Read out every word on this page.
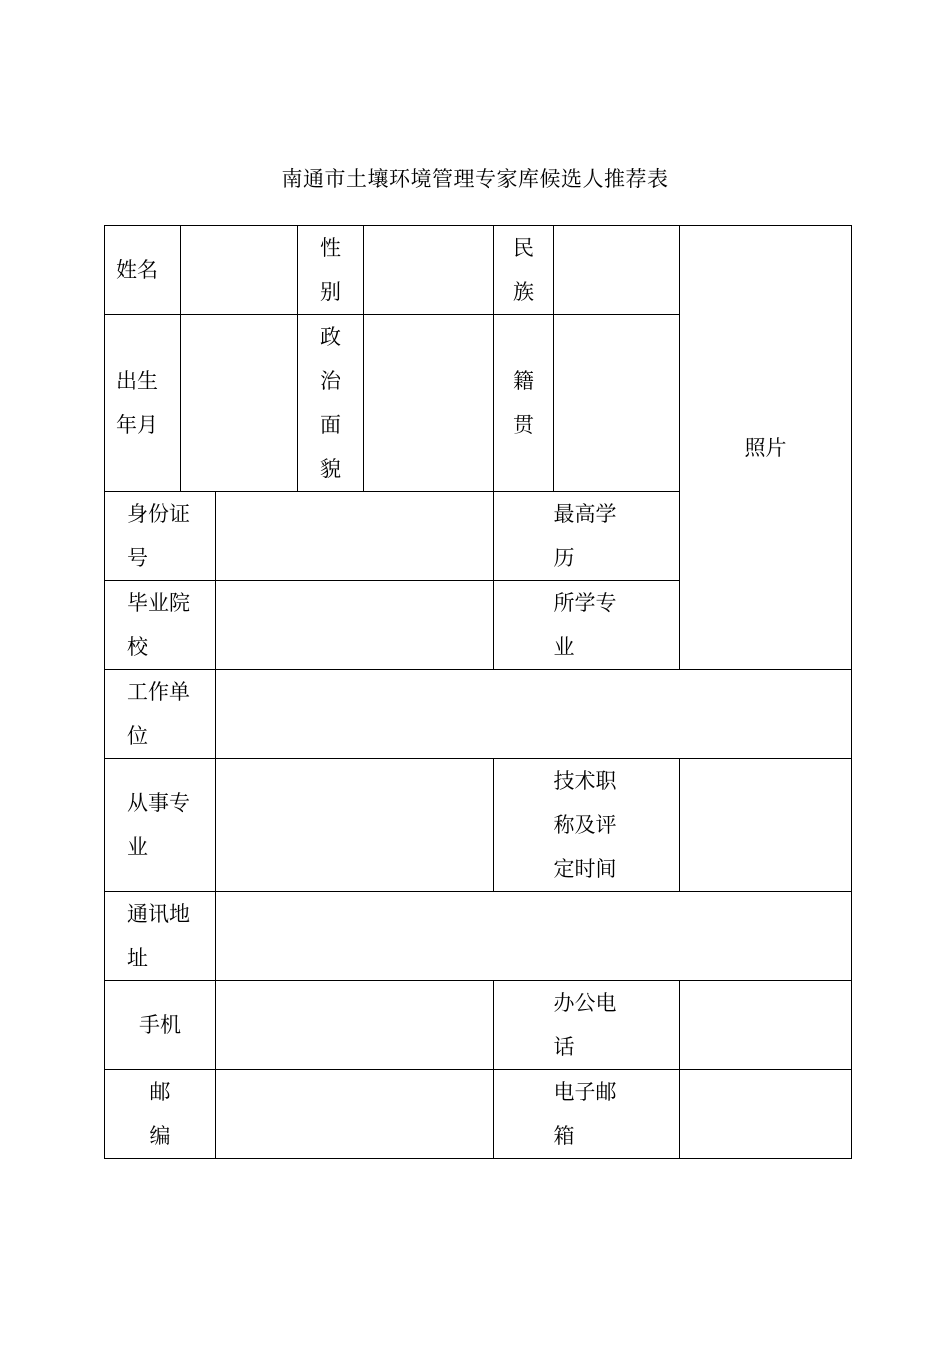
南通市土壤环境管理专家库候选人推荐表
姓名			性别		民族		照片	

出生年月			政治面貌		籍贯			

身份证号					最高学历			

毕业院校					所学专业			

工作单位								

从事专业					技术职称及评定时间			

通讯地址								

手机					办公电话			

邮编					电子邮箱			
